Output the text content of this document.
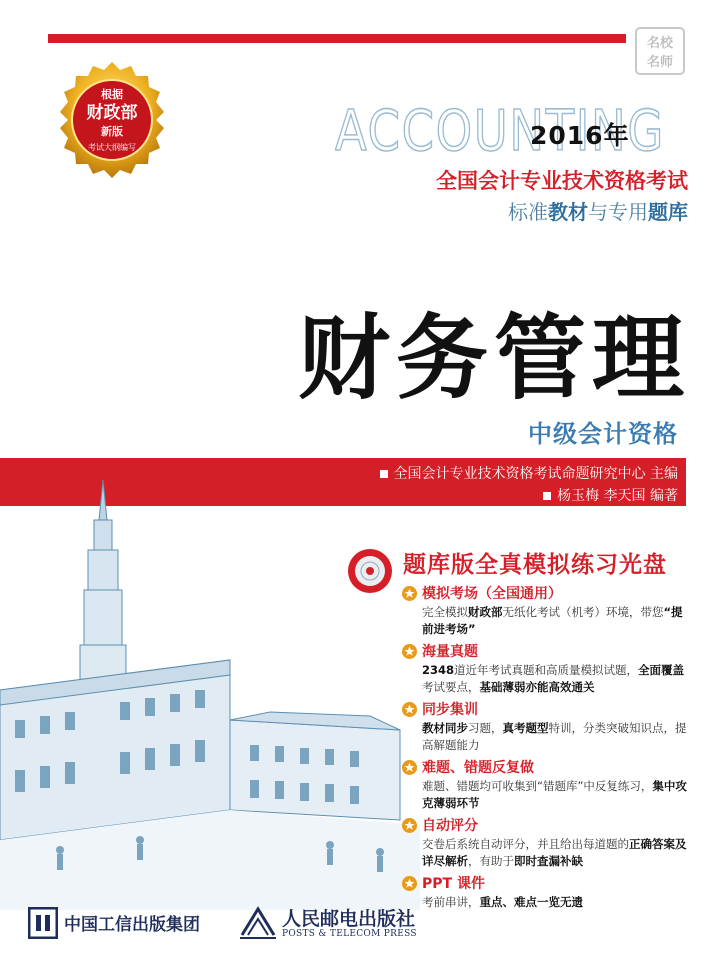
名校
名师
根据
财政部
新版
考试大纲编写	ACCOUNTING
2016年
全国会计专业技术资格考试
标准教材与专用题库
财务管理
中级会计资格
全国会计专业技术资格考试命题研究中心 主编
杨玉梅 李天国 编著
题库版全真模拟练习光盘
模拟考场（全国通用）
完全模拟财政部无纸化考试（机考）环境，带您“提前进考场”
海量真题
2348道近年考试真题和高质量模拟试题，全面覆盖考试要点，基础薄弱亦能高效通关
同步集训
教材同步习题，真考题型特训，分类突破知识点，提高解题能力
难题、错题反复做
难题、错题均可收集到“错题库”中反复练习，集中攻克薄弱环节
自动评分
交卷后系统自动评分，并且给出每道题的正确答案及详尽解析，有助于即时查漏补缺
PPT 课件
考前串讲，重点、难点一览无遗
中国工信出版集团	人民邮电出版社
POSTS & TELECOM PRESS
